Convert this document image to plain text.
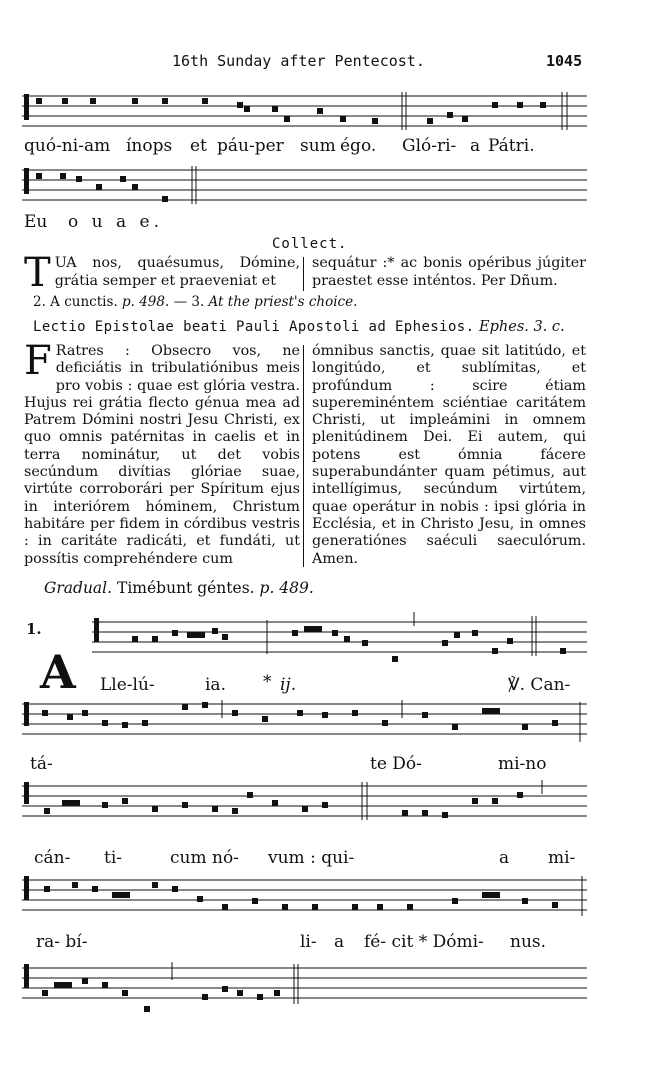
16th Sunday after Pentecost.	1045
quó-ni-am ínops et páu-per sum égo. Gló-ri- a Pátri.
Eu o u a e.
Collect.
TUA nos, quaésumus, Dómine, grátia semper et praeveniat et
sequátur :* ac bonis opéribus júgiter praestet esse inténtos. Per Dñum.
2. A cunctis. p. 498. — 3. At the priest's choice.
Lectio Epistolae beati Pauli Apostoli ad Ephesios. Ephes. 3. c.
F Ratres : Obsecro vos, ne deficiátis in tribulatiónibus meis pro vobis : quae est glória vestra. Hujus rei grátia flecto génua mea ad Patrem Dómini nostri Jesu Christi, ex quo omnis patérnitas in caelis et in terra nominátur, ut det vobis secúndum divítias glóriae suae, virtúte corroborári per Spíritum ejus in interiórem hóminem, Christum habitáre per fidem in córdibus vestris : in caritáte radicáti, et fundáti, ut possítis comprehéndere cum
ómnibus sanctis, quae sit latitúdo, et longitúdo, et sublímitas, et profúndum : scire étiam supereminéntem sciéntiae caritátem Christi, ut impleámini in omnem plenitúdinem Dei. Ei autem, qui potens est ómnia fácere superabundánter quam pétimus, aut intellígimus, secúndum virtútem, quae operátur in nobis : ipsi glória in Ecclésia, et in Christo Jesu, in omnes generatiónes saéculi saeculórum. Amen.
Gradual. Timébunt géntes. p. 489.
1.
A Lle-lú-	ia. * ij.	℣. Can-
tá-	te Dó-	mi-no
cán- ti-	cum nó- vum : qui-	a mi-
ra- bí-	li- a fé- cit * Dómi- nus.
